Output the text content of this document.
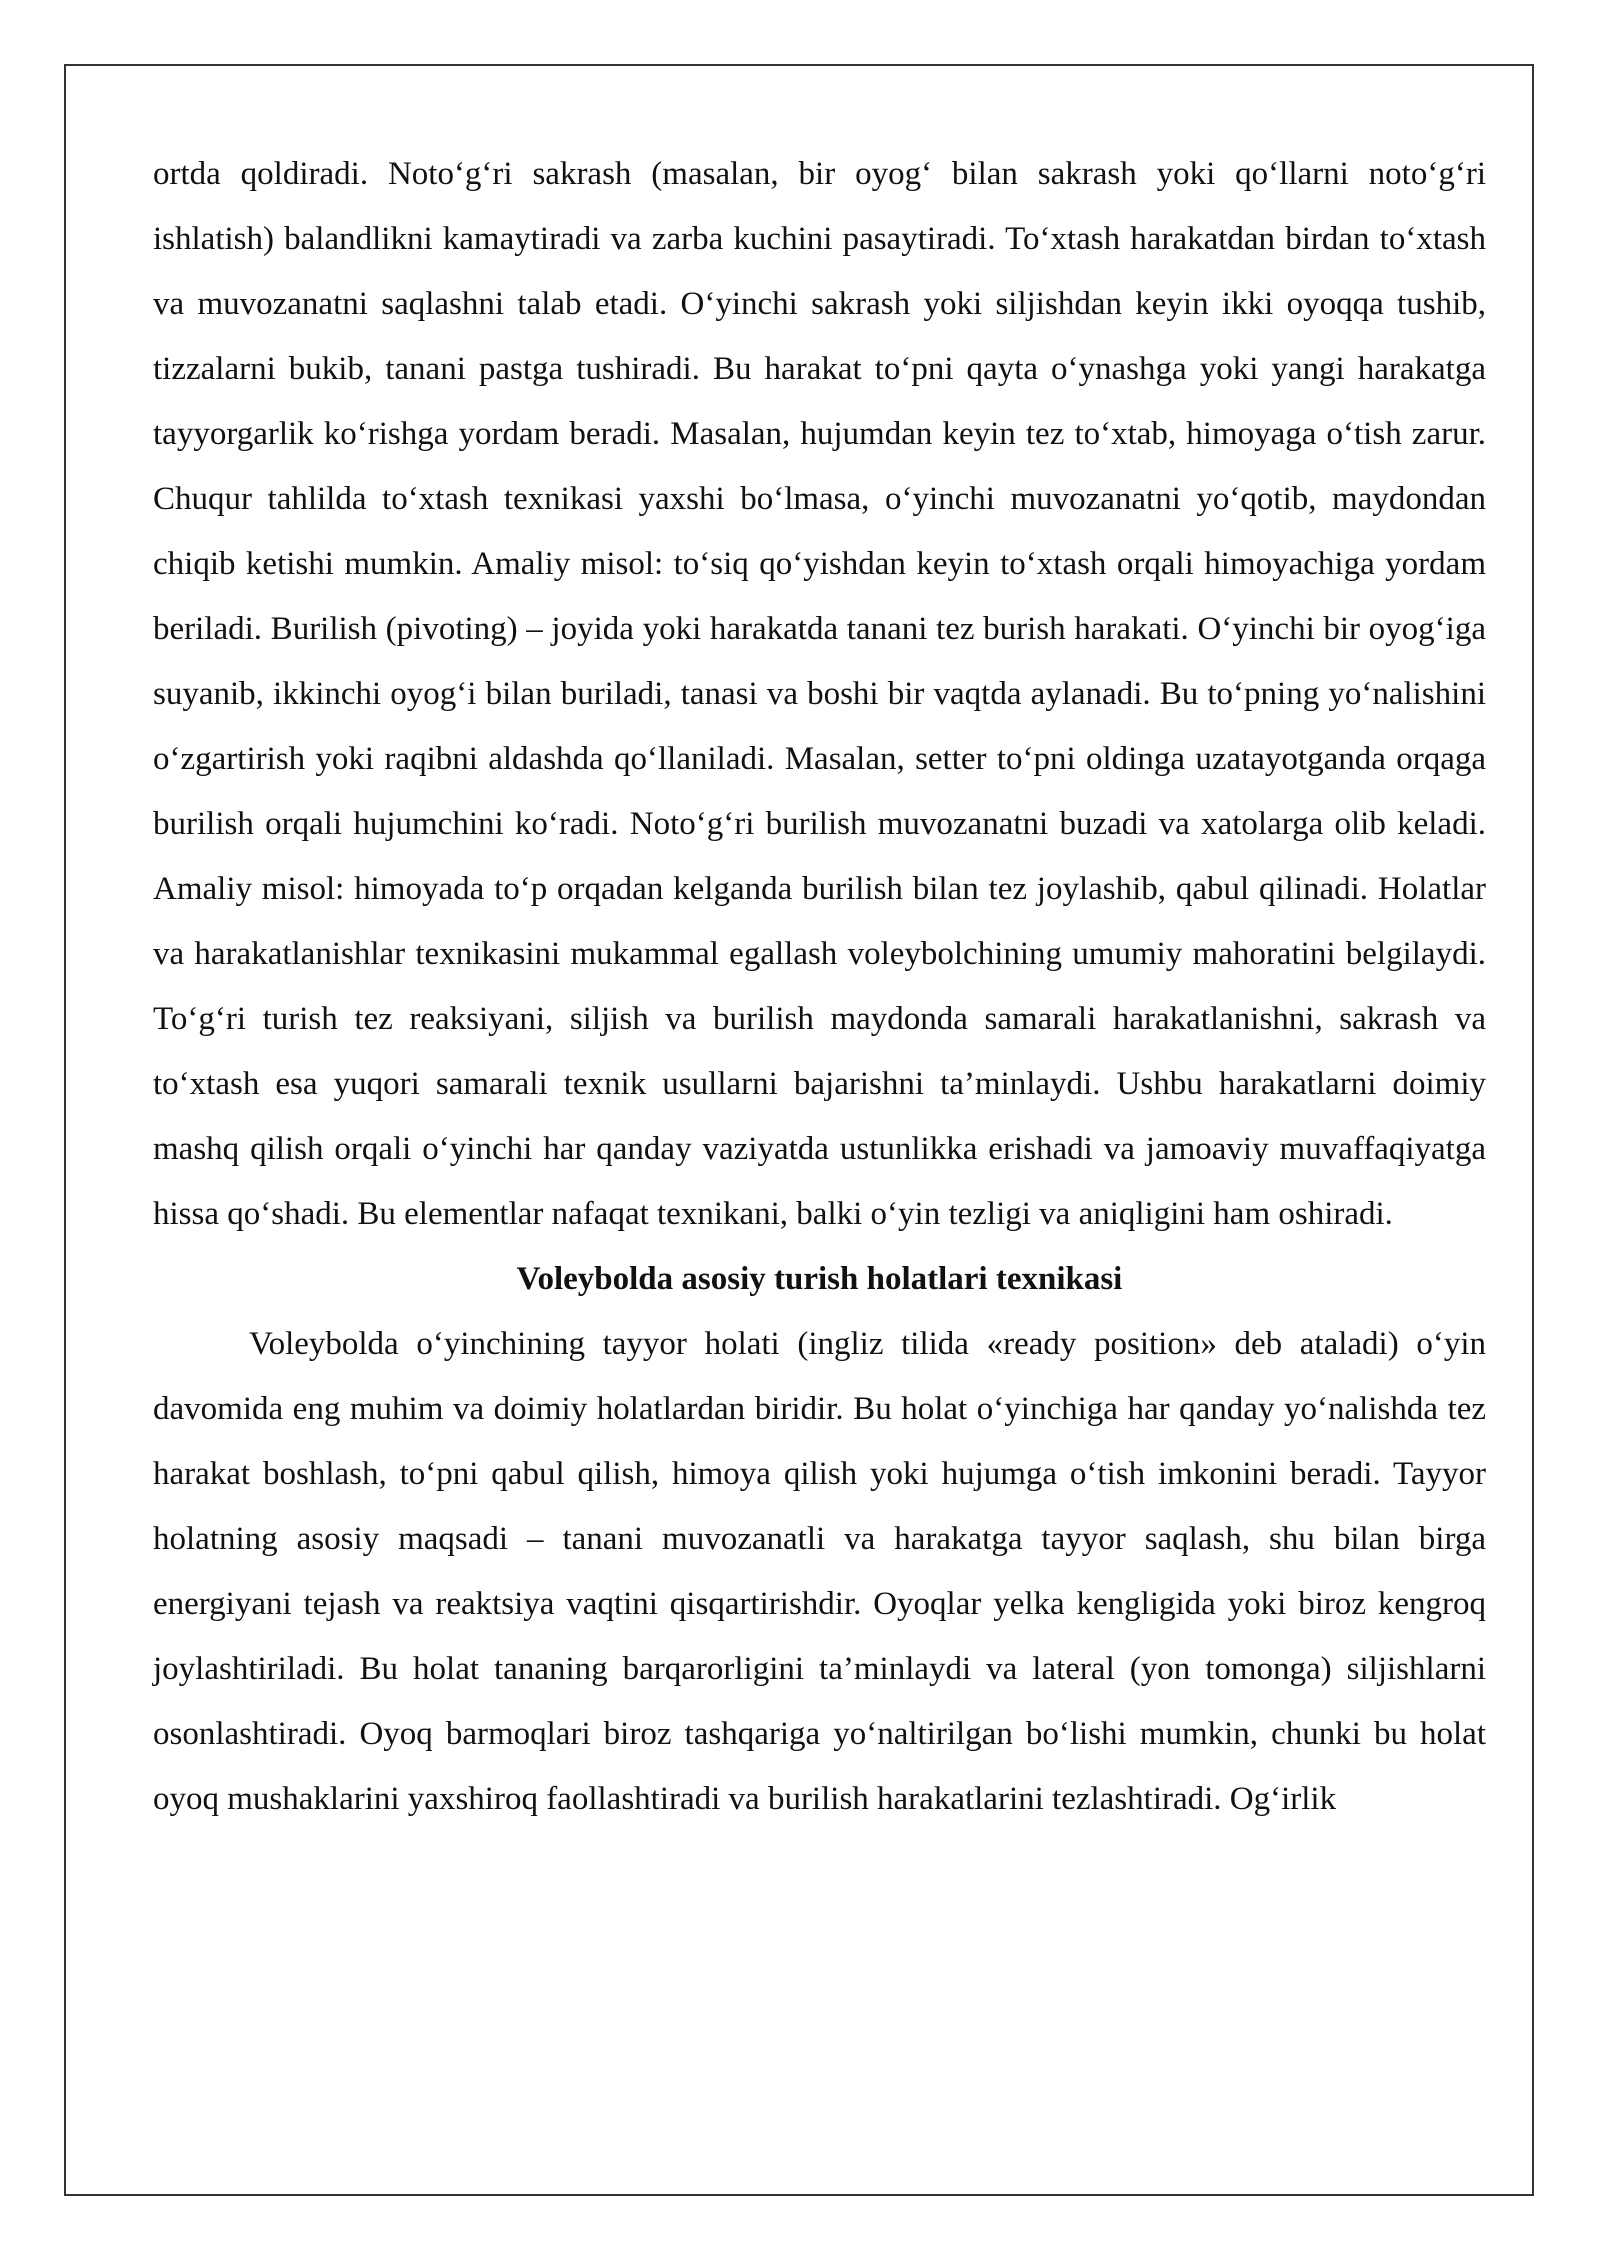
ortda qoldiradi. Noto‘g‘ri sakrash (masalan, bir oyog‘ bilan sakrash yoki qo‘llarni noto‘g‘ri ishlatish) balandlikni kamaytiradi va zarba kuchini pasaytiradi. To‘xtash harakatdan birdan to‘xtash va muvozanatni saqlashni talab etadi. O‘yinchi sakrash yoki siljishdan keyin ikki oyoqqa tushib, tizzalarni bukib, tanani pastga tushiradi. Bu harakat to‘pni qayta o‘ynashga yoki yangi harakatga tayyorgarlik ko‘rishga yordam beradi. Masalan, hujumdan keyin tez to‘xtab, himoyaga o‘tish zarur. Chuqur tahlilda to‘xtash texnikasi yaxshi bo‘lmasa, o‘yinchi muvozanatni yo‘qotib, maydondan chiqib ketishi mumkin. Amaliy misol: to‘siq qo‘yishdan keyin to‘xtash orqali himoyachiga yordam beriladi. Burilish (pivoting) – joyida yoki harakatda tanani tez burish harakati. O‘yinchi bir oyog‘iga suyanib, ikkinchi oyog‘i bilan buriladi, tanasi va boshi bir vaqtda aylanadi. Bu to‘pning yo‘nalishini o‘zgartirish yoki raqibni aldashda qo‘llaniladi. Masalan, setter to‘pni oldinga uzatayotganda orqaga burilish orqali hujumchini ko‘radi. Noto‘g‘ri burilish muvozanatni buzadi va xatolarga olib keladi. Amaliy misol: himoyada to‘p orqadan kelganda burilish bilan tez joylashib, qabul qilinadi. Holatlar va harakatlanishlar texnikasini mukammal egallash voleybolchining umumiy mahoratini belgilaydi. To‘g‘ri turish tez reaksiyani, siljish va burilish maydonda samarali harakatlanishni, sakrash va to‘xtash esa yuqori samarali texnik usullarni bajarishni ta’minlaydi. Ushbu harakatlarni doimiy mashq qilish orqali o‘yinchi har qanday vaziyatda ustunlikka erishadi va jamoaviy muvaffaqiyatga hissa qo‘shadi. Bu elementlar nafaqat texnikani, balki o‘yin tezligi va aniqligini ham oshiradi.

Voleybolda asosiy turish holatlari texnikasi

Voleybolda o‘yinchining tayyor holati (ingliz tilida «ready position» deb ataladi) o‘yin davomida eng muhim va doimiy holatlardan biridir. Bu holat o‘yinchiga har qanday yo‘nalishda tez harakat boshlash, to‘pni qabul qilish, himoya qilish yoki hujumga o‘tish imkonini beradi. Tayyor holatning asosiy maqsadi – tanani muvozanatli va harakatga tayyor saqlash, shu bilan birga energiyani tejash va reaktsiya vaqtini qisqartirishdir. Oyoqlar yelka kengligida yoki biroz kengroq joylashtiriladi. Bu holat tananing barqarorligini ta’minlaydi va lateral (yon tomonga) siljishlarni osonlashtiradi. Oyoq barmoqlari biroz tashqariga yo‘naltirilgan bo‘lishi mumkin, chunki bu holat oyoq mushaklarini yaxshiroq faollashtiradi va burilish harakatlarini tezlashtiradi. Og‘irlik
